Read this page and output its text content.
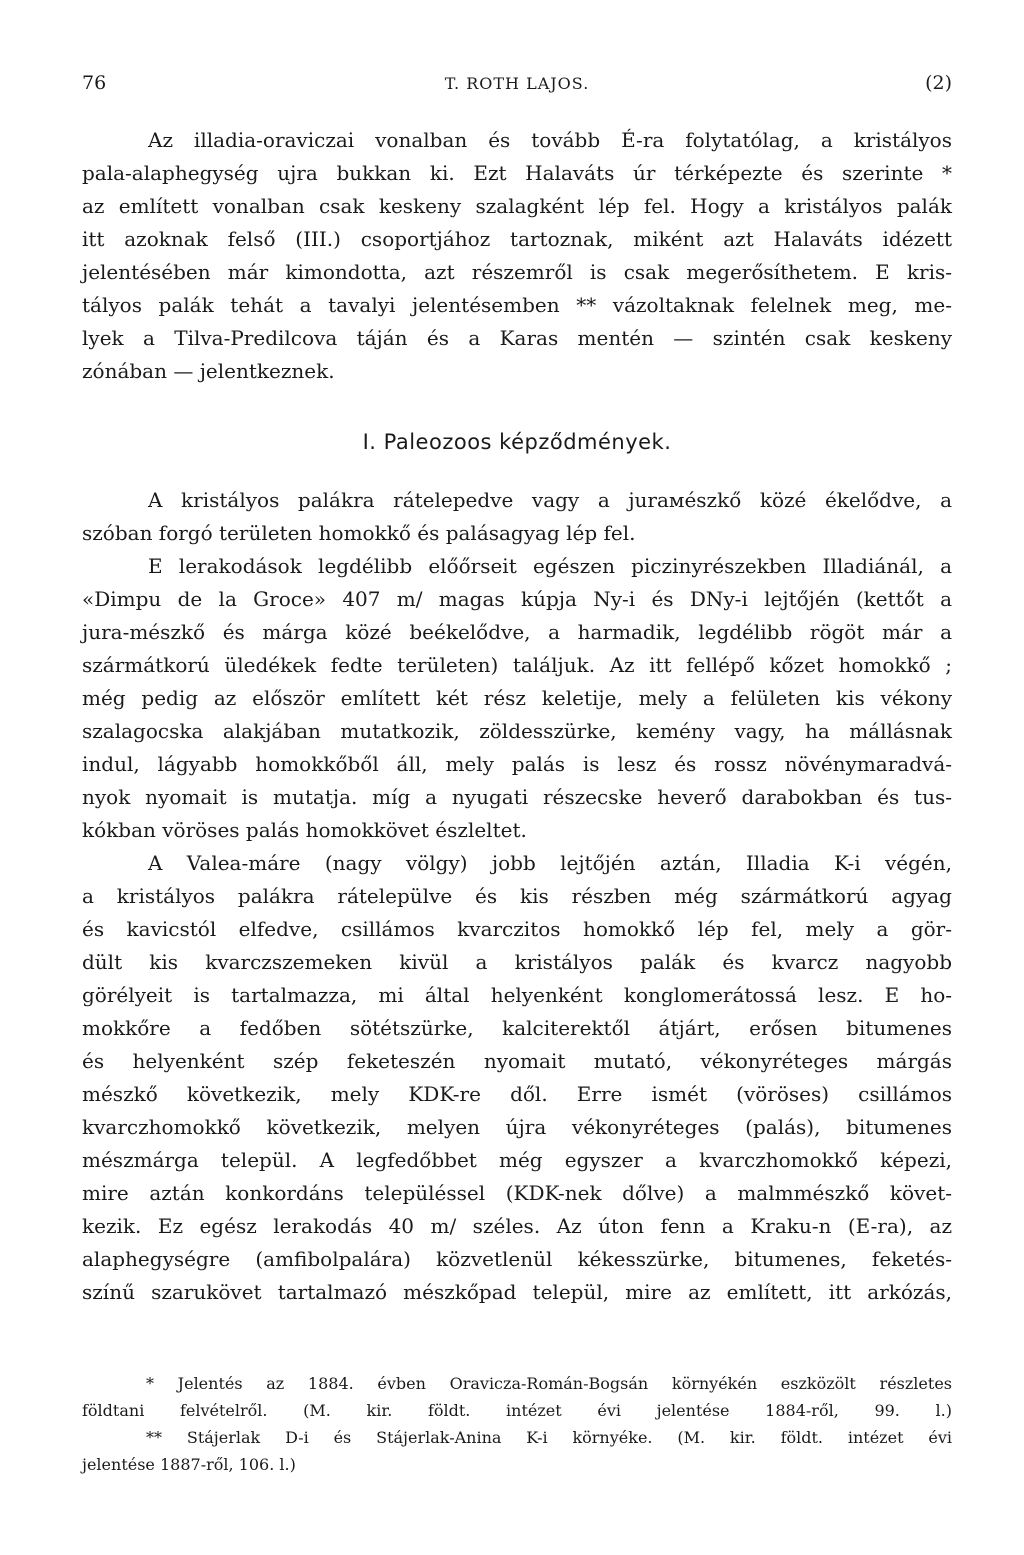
76	T. ROTH LAJOS.	(2)
Az illadia-oraviczai vonalban és tovább É-ra folytatólag, a kristályos
pala-alaphegység ujra bukkan ki. Ezt Halaváts úr térképezte és szerinte *
az említett vonalban csak keskeny szalagként lép fel. Hogy a kristályos palák
itt azoknak felső (III.) csoportjához tartoznak, miként azt Halaváts idézett
jelentésében már kimondotta, azt részemről is csak megerősíthetem. E kris-
tályos palák tehát a tavalyi jelentésemben ** vázoltaknak felelnek meg, me-
lyek a Tilva-Predilcova táján és a Karas mentén — szintén csak keskeny
zónában — jelentkeznek.
I. Paleozoos képződmények.
A kristályos palákra rátelepedve vagy a jurамészkő közé ékelődve, a
szóban forgó területen homokkő és palásagyag lép fel.
E lerakodások legdélibb előőrseit egészen piczinyrészekben Illadiánál, a
«Dimpu de la Groce» 407 m/ magas kúpja Ny-i és DNy-i lejtőjén (kettőt a
jura-mészkő és márga közé beékelődve, a harmadik, legdélibb rögöt már a
szármátkorú üledékek fedte területen) találjuk. Az itt fellépő kőzet homokkő ;
még pedig az először említett két rész keletije, mely a felületen kis vékony
szalagocska alakjában mutatkozik, zöldesszürke, kemény vagy, ha mállásnak
indul, lágyabb homokkőből áll, mely palás is lesz és rossz növénymaradvá-
nyok nyomait is mutatja. míg a nyugati részecske heverő darabokban és tus-
kókban vöröses palás homokkövet észleltet.
A Valea-máre (nagy völgy) jobb lejtőjén aztán, Illadia K-i végén,
a kristályos palákra rátelepülve és kis részben még szármátkorú agyag
és kavicstól elfedve, csillámos kvarczitos homokkő lép fel, mely a gör-
dült kis kvarczszemeken kivül a kristályos palák és kvarcz nagyobb
görélyeit is tartalmazza, mi által helyenként konglomerátossá lesz. E ho-
mokkőre a fedőben sötétszürke, kalciterektől átjárt, erősen bitumenes
és helyenként szép feketeszén nyomait mutató, vékonyréteges márgás
mészkő következik, mely KDK-re dől. Erre ismét (vöröses) csillámos
kvarczhomokkő következik, melyen újra vékonyréteges (palás), bitumenes
mészmárga települ. A legfedőbbet még egyszer a kvarczhomokkő képezi,
mire aztán konkordáns településsel (KDK-nek dőlve) a malmmészkő követ-
kezik. Ez egész lerakodás 40 m/ széles. Az úton fenn a Kraku-n (E-ra), az
alaphegységre (amfibolpalára) közvetlenül kékesszürke, bitumenes, feketés-
színű szarukövet tartalmazó mészkőpad települ, mire az említett, itt arkózás,
* Jelentés az 1884. évben Oravicza-Román-Bogsán környékén eszközölt részletes
földtani felvételről. (M. kir. földt. intézet évi jelentése 1884-ről, 99. l.)
** Stájerlak D-i és Stájerlak-Anina K-i környéke. (M. kir. földt. intézet évi
jelentése 1887-ről, 106. l.)
